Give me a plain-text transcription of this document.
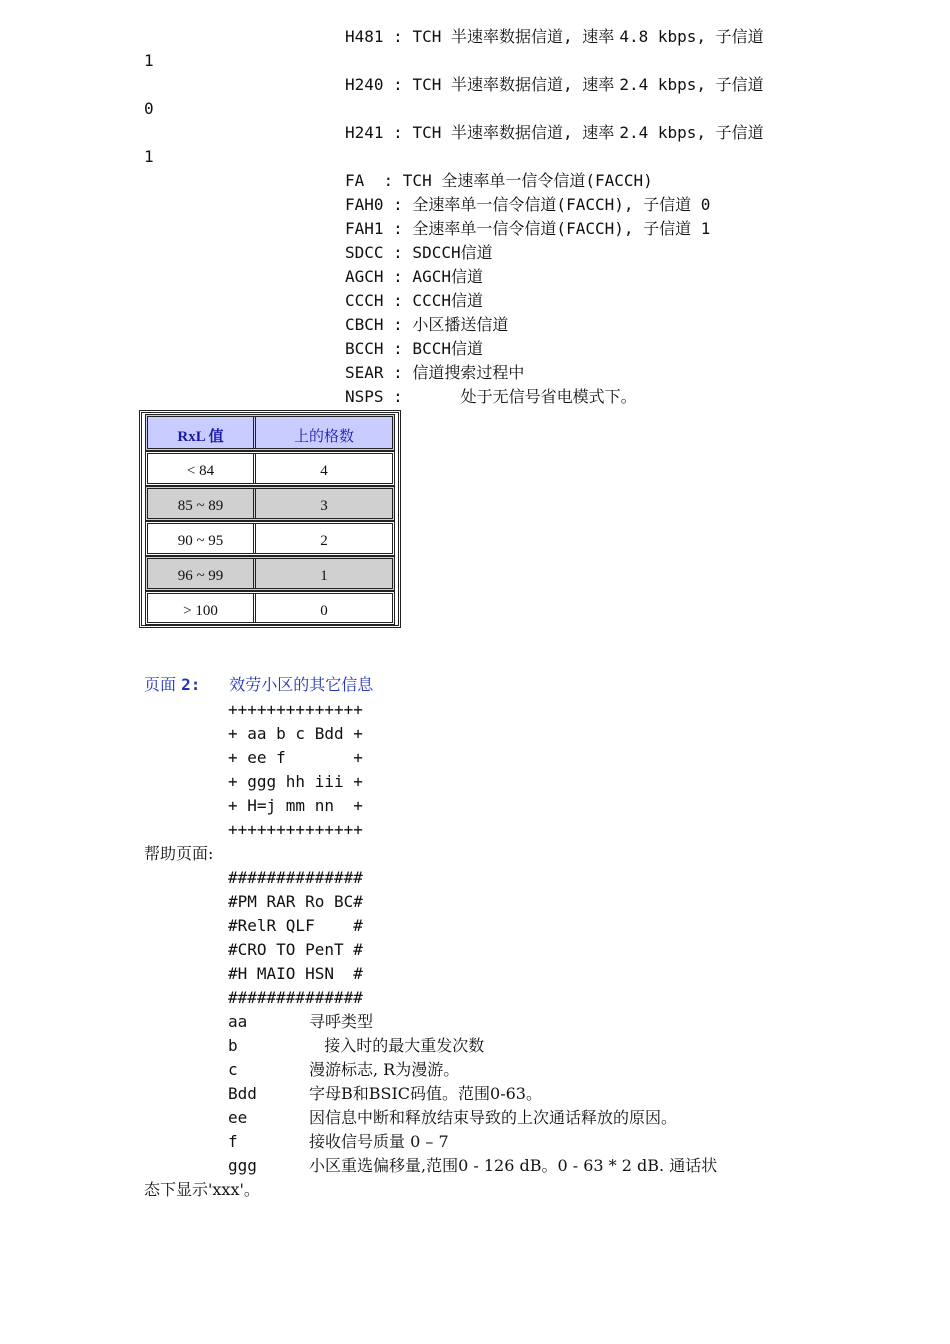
H481 : TCH 半速率数据信道, 速率 4.8 kbps, 子信道
1
H240 : TCH 半速率数据信道, 速率 2.4 kbps, 子信道
0
H241 : TCH 半速率数据信道, 速率 2.4 kbps, 子信道
1
FA  : TCH 全速率单一信令信道(FACCH)
FAH0 : 全速率单一信令信道(FACCH), 子信道 0
FAH1 : 全速率单一信令信道(FACCH), 子信道 1
SDCC : SDCCH信道
AGCH : AGCH信道
CCCH : CCCH信道
CBCH : 小区播送信道
BCCH : BCCH信道
SEAR : 信道搜索过程中
NSPS :      处于无信号省电模式下。
RxL 值	上的格数
< 84	4
85 ~ 89	3
90 ~ 95	2
96 ~ 99	1
> 100	0
页面 2: 效劳小区的其它信息
++++++++++++++
+ aa b c Bdd +
+ ee f       +
+ ggg hh iii +
+ H=j mm nn  +
++++++++++++++
帮助页面:
##############
#PM RAR Ro BC#
#RelR QLF    #
#CRO TO PenT #
#H MAIO HSN  #
##############
aa	寻呼类型
b	接入时的最大重发次数
c	漫游标志, R为漫游。
Bdd	字母B和BSIC码值。范围0-63。
ee	因信息中断和释放结束导致的上次通话释放的原因。
f	接收信号质量 0 – 7
ggg	小区重选偏移量,范围0 - 126 dB。0 - 63 * 2 dB. 通话状
态下显示'xxx'。
